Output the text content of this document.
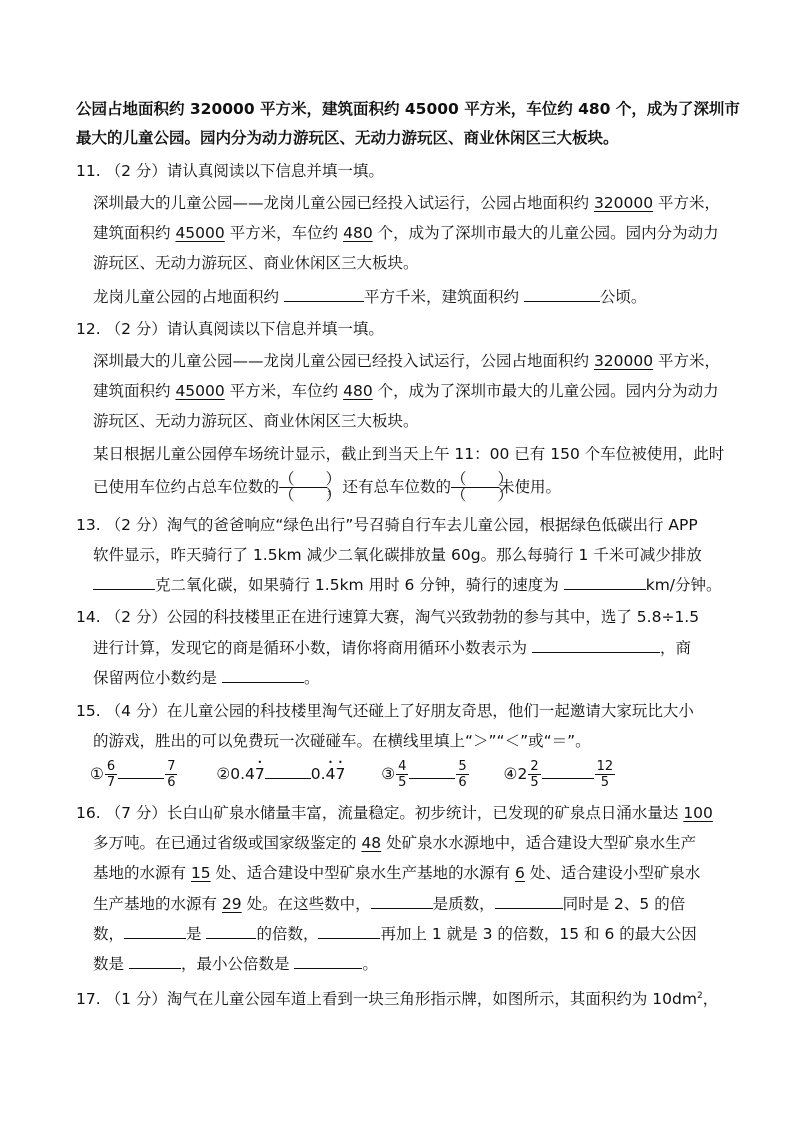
公园占地面积约 320000 平方米，建筑面积约 45000 平方米，车位约 480 个，成为了深圳市
最大的儿童公园。园内分为动力游玩区、无动力游玩区、商业休闲区三大板块。
11. （2 分）请认真阅读以下信息并填一填。
深圳最大的儿童公园——龙岗儿童公园已经投入试运行，公园占地面积约 320000 平方米，
建筑面积约 45000 平方米，车位约 480 个，成为了深圳市最大的儿童公园。园内分为动力
游玩区、无动力游玩区、商业休闲区三大板块。
龙岗儿童公园的占地面积约	平方千米，建筑面积约	公顷。
12. （2 分）请认真阅读以下信息并填一填。
深圳最大的儿童公园——龙岗儿童公园已经投入试运行，公园占地面积约 320000 平方米，
建筑面积约 45000 平方米，车位约 480 个，成为了深圳市最大的儿童公园。园内分为动力
游玩区、无动力游玩区、商业休闲区三大板块。
某日根据儿童公园停车场统计显示，截止到当天上午 11：00 已有 150 个车位被使用，此时
已使用车位约占总车位数的 $\frac{( )}{( )}$ ，还有总车位数的 $\frac{( )}{( )}$ 未使用。
13. （2 分）淘气的爸爸响应“绿色出行”号召骑自行车去儿童公园，根据绿色低碳出行 APP
软件显示，昨天骑行了 1.5km 减少二氧化碳排放量 60g。那么每骑行 1 千米可减少排放
克二氧化碳，如果骑行 1.5km 用时 6 分钟，骑行的速度为	km/分钟。
14. （2 分）公园的科技楼里正在进行速算大赛，淘气兴致勃勃的参与其中，选了 5.8÷1.5
进行计算，发现它的商是循环小数，请你将商用循环小数表示为	，商
保留两位小数约是	。
15. （4 分）在儿童公园的科技楼里淘气还碰上了好朋友奇思，他们一起邀请大家玩比大小
的游戏，胜出的可以免费玩一次碰碰车。在横线里填上“＞”“＜”或“＝”。
① $\frac{6}{7}$	$\frac{7}{6}$	②0.4• 7	0.• 4• 7 ③ $\frac{4}{5}$	$\frac{5}{6}$ ④2 $\frac{2}{5}$	$\frac{12}{5}$
16. （7 分）长白山矿泉水储量丰富，流量稳定。初步统计，已发现的矿泉点日涌水量达 100
多万吨。在已通过省级或国家级鉴定的 48 处矿泉水水源地中，适合建设大型矿泉水生产
基地的水源有 15 处、适合建设中型矿泉水生产基地的水源有 6 处、适合建设小型矿泉水
生产基地的水源有 29 处。在这些数中，	是质数，	同时是 2、5 的倍
数，	是	的倍数，	再加上 1 就是 3 的倍数，15 和 6 的最大公因
数是	，最小公倍数是	。
17. （1 分）淘气在儿童公园车道上看到一块三角形指示牌，如图所示，其面积约为 $10dm^2$，
